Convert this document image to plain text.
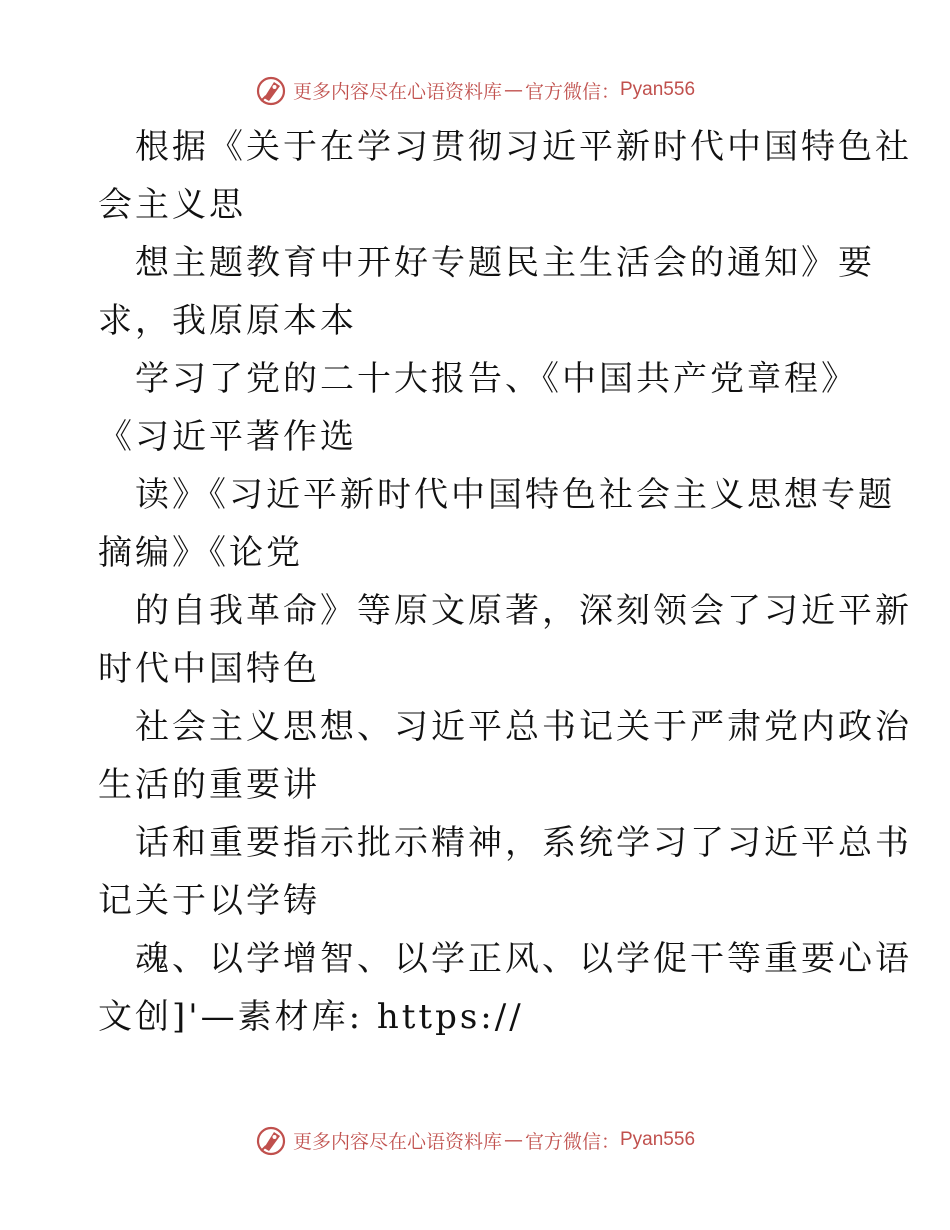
更多内容尽在心语资料库 — 官方微信： Pyan556

根据《关于在学习贯彻习近平新时代中国特色社

会主义思

想主题教育中开好专题民主生活会的通知》要

求，我原原本本

学习了党的二十大报告、《中国共产党章程》

《习近平著作选

读》《习近平新时代中国特色社会主义思想专题

摘编》《论党

的自我革命》等原文原著，深刻领会了习近平新

时代中国特色

社会主义思想、习近平总书记关于严肃党内政治

生活的重要讲

话和重要指示批示精神，系统学习了习近平总书

记关于以学铸

魂、以学增智、以学正风、以学促干等重要心语

文创]'—素材库: https://

更多内容尽在心语资料库 — 官方微信： Pyan556
